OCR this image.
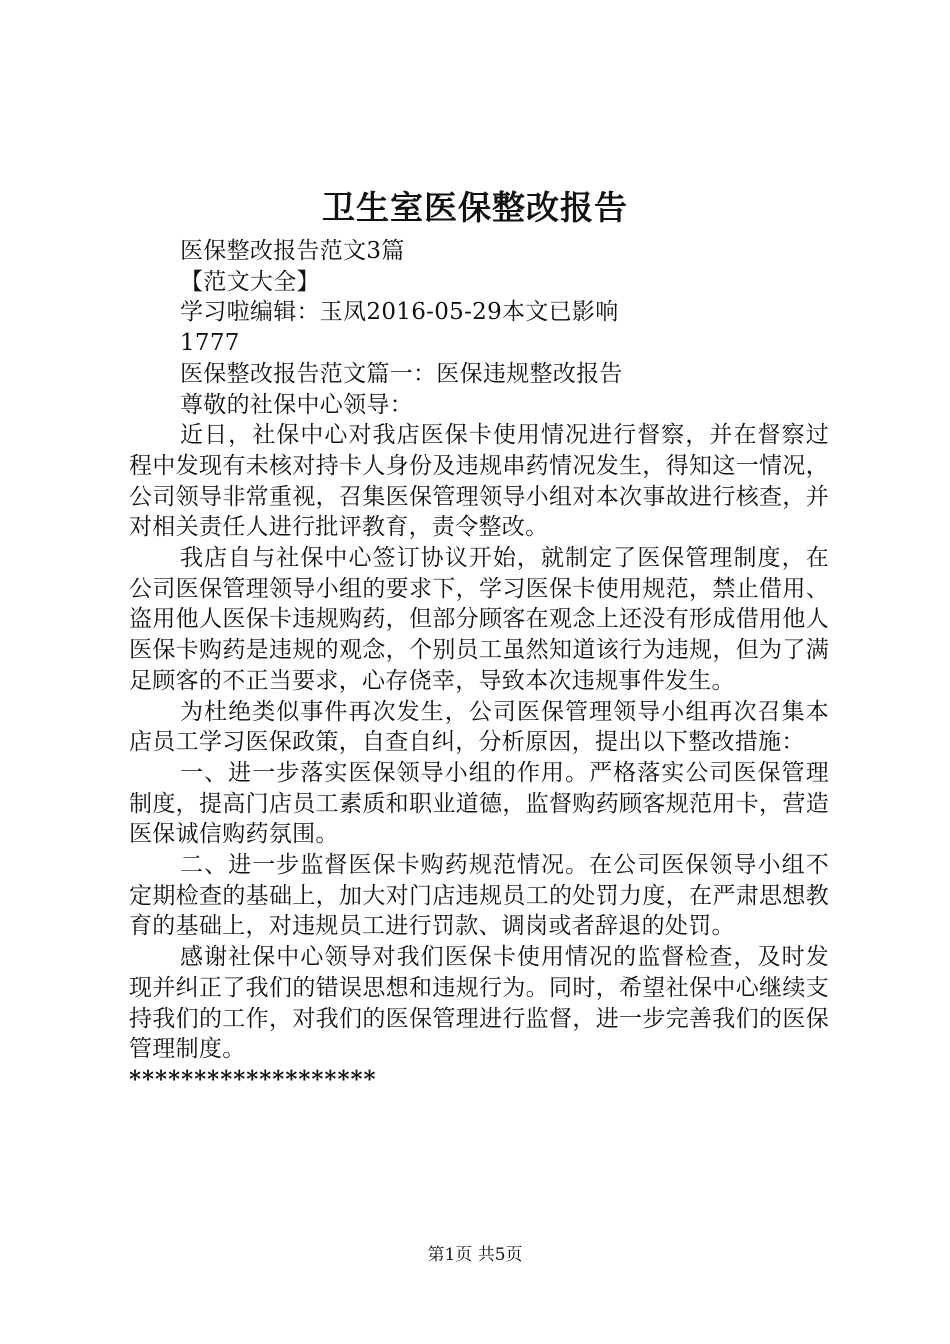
卫生室医保整改报告

医保整改报告范文3篇

【范文大全】

学习啦编辑：玉凤2016-05-29本文已影响

1777

医保整改报告范文篇一：医保违规整改报告

尊敬的社保中心领导：

近日，社保中心对我店医保卡使用情况进行督察，并在督察过程中发现有未核对持卡人身份及违规串药情况发生，得知这一情况，公司领导非常重视，召集医保管理领导小组对本次事故进行核查，并对相关责任人进行批评教育，责令整改。

我店自与社保中心签订协议开始，就制定了医保管理制度，在公司医保管理领导小组的要求下，学习医保卡使用规范，禁止借用、盗用他人医保卡违规购药，但部分顾客在观念上还没有形成借用他人医保卡购药是违规的观念，个别员工虽然知道该行为违规，但为了满足顾客的不正当要求，心存侥幸，导致本次违规事件发生。

为杜绝类似事件再次发生，公司医保管理领导小组再次召集本店员工学习医保政策，自查自纠，分析原因，提出以下整改措施：

一、进一步落实医保领导小组的作用。严格落实公司医保管理制度，提高门店员工素质和职业道德，监督购药顾客规范用卡，营造医保诚信购药氛围。

二、进一步监督医保卡购药规范情况。在公司医保领导小组不定期检查的基础上，加大对门店违规员工的处罚力度，在严肃思想教育的基础上，对违规员工进行罚款、调岗或者辞退的处罚。

感谢社保中心领导对我们医保卡使用情况的监督检查，及时发现并纠正了我们的错误思想和违规行为。同时，希望社保中心继续支持我们的工作，对我们的医保管理进行监督，进一步完善我们的医保管理制度。

*******************

第1页 共5页
